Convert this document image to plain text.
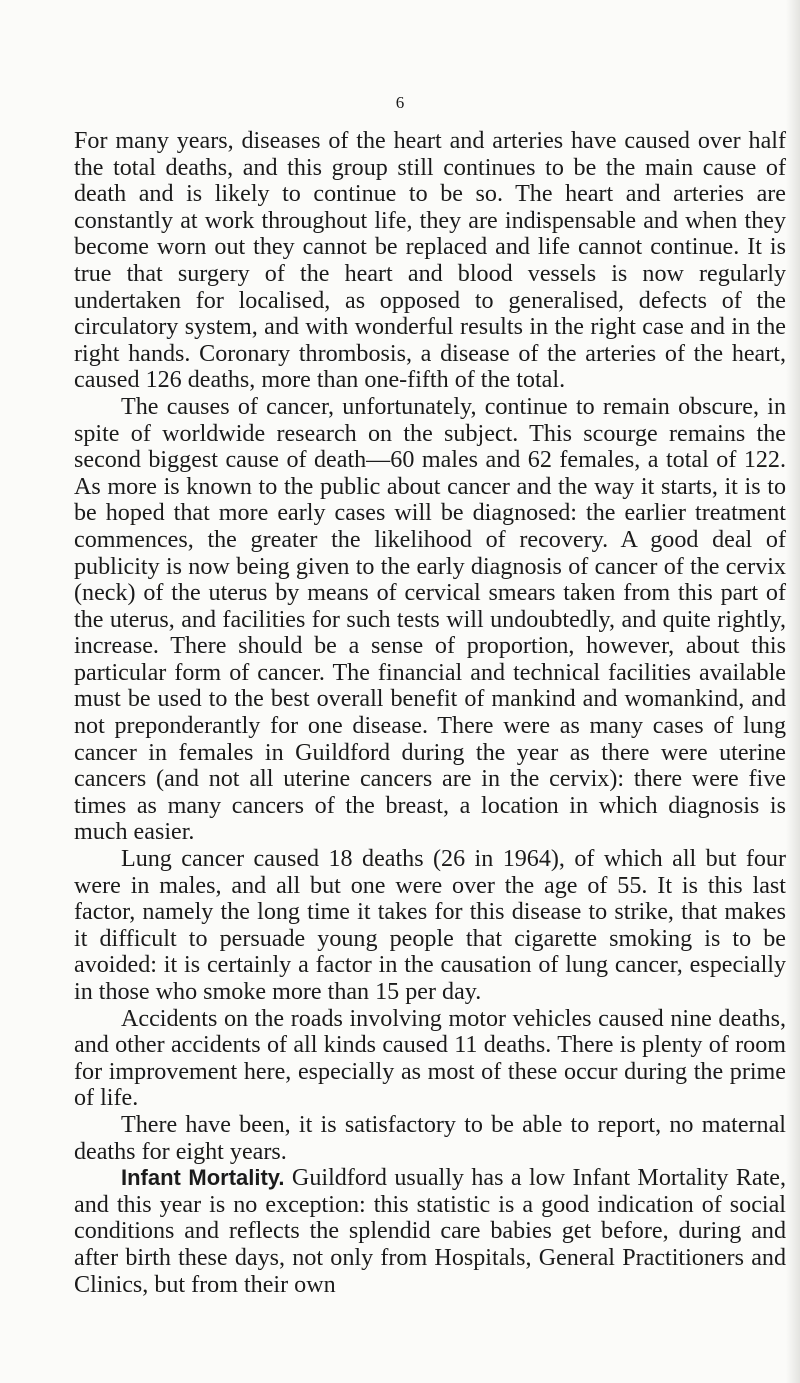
6

For many years, diseases of the heart and arteries have caused over half the total deaths, and this group still continues to be the main cause of death and is likely to continue to be so. The heart and arteries are constantly at work throughout life, they are indispensable and when they become worn out they cannot be replaced and life cannot continue. It is true that surgery of the heart and blood vessels is now regularly undertaken for localised, as opposed to generalised, defects of the circulatory system, and with wonderful results in the right case and in the right hands. Coronary thrombosis, a disease of the arteries of the heart, caused 126 deaths, more than one-fifth of the total.

The causes of cancer, unfortunately, continue to remain obscure, in spite of worldwide research on the subject. This scourge remains the second biggest cause of death—60 males and 62 females, a total of 122. As more is known to the public about cancer and the way it starts, it is to be hoped that more early cases will be diagnosed: the earlier treatment commences, the greater the likelihood of recovery. A good deal of publicity is now being given to the early diagnosis of cancer of the cervix (neck) of the uterus by means of cervical smears taken from this part of the uterus, and facilities for such tests will undoubtedly, and quite rightly, increase. There should be a sense of proportion, however, about this particular form of cancer. The financial and technical facilities available must be used to the best overall benefit of mankind and womankind, and not preponderantly for one disease. There were as many cases of lung cancer in females in Guildford during the year as there were uterine cancers (and not all uterine cancers are in the cervix): there were five times as many cancers of the breast, a location in which diagnosis is much easier.

Lung cancer caused 18 deaths (26 in 1964), of which all but four were in males, and all but one were over the age of 55. It is this last factor, namely the long time it takes for this disease to strike, that makes it difficult to persuade young people that cigarette smoking is to be avoided: it is certainly a factor in the causation of lung cancer, especially in those who smoke more than 15 per day.

Accidents on the roads involving motor vehicles caused nine deaths, and other accidents of all kinds caused 11 deaths. There is plenty of room for improvement here, especially as most of these occur during the prime of life.

There have been, it is satisfactory to be able to report, no maternal deaths for eight years.

Infant Mortality. Guildford usually has a low Infant Mortality Rate, and this year is no exception: this statistic is a good indication of social conditions and reflects the splendid care babies get before, during and after birth these days, not only from Hospitals, General Practitioners and Clinics, but from their own
